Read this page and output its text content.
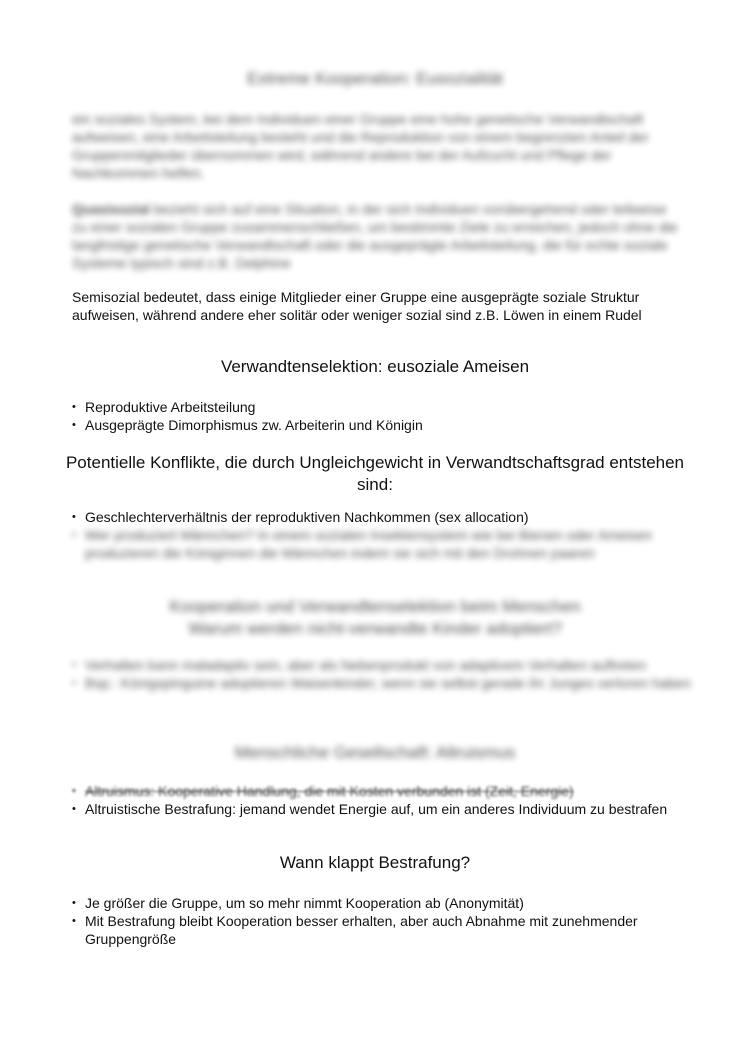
Extreme Kooperation: Eusozialität

ein soziales System, bei dem Individuen einer Gruppe eine hohe genetische Verwandtschaft aufweisen, eine Arbeitsteilung besteht und die Reproduktion von einem begrenzten Anteil der Gruppenmitglieder übernommen wird, während andere bei der Aufzucht und Pflege der Nachkommen helfen.

Quasisozial bezieht sich auf eine Situation, in der sich Individuen vorübergehend oder teilweise zu einer sozialen Gruppe zusammenschließen, um bestimmte Ziele zu erreichen, jedoch ohne die langfristige genetische Verwandtschaft oder die ausgeprägte Arbeitsteilung, die für echte soziale Systeme typisch sind z.B. Delphine

Semisozial bedeutet, dass einige Mitglieder einer Gruppe eine ausgeprägte soziale Struktur aufweisen, während andere eher solitär oder weniger sozial sind z.B. Löwen in einem Rudel

Verwandtenselektion: eusoziale Ameisen
• Reproduktive Arbeitsteilung
• Ausgeprägte Dimorphismus zw. Arbeiterin und Königin
Potentielle Konflikte, die durch Ungleichgewicht in Verwandtschaftsgrad entstehen sind:
• Geschlechterverhältnis der reproduktiven Nachkommen (sex allocation)
• Wer produziert Männchen? In einem sozialen Insektensystem wie bei Bienen oder Ameisen produzieren die Königinnen die Männchen indem sie sich mit den Drohnen paaren
Kooperation und Verwandtenselektion beim Menschen
Warum werden nicht-verwandte Kinder adoptiert?
• Verhalten kann maladaptiv sein, aber als Nebenprodukt von adaptivem Verhalten auftreten
• Bsp.: Königspinguine adoptieren Waisenkinder, wenn sie selbst gerade ihr Junges verloren haben
Menschliche Gesellschaft: Altruismus
• Altruismus: Kooperative Handlung, die mit Kosten verbunden ist (Zeit, Energie)
• Altruistische Bestrafung: jemand wendet Energie auf, um ein anderes Individuum zu bestrafen
Wann klappt Bestrafung?
• Je größer die Gruppe, um so mehr nimmt Kooperation ab (Anonymität)
• Mit Bestrafung bleibt Kooperation besser erhalten, aber auch Abnahme mit zunehmender Gruppengröße
